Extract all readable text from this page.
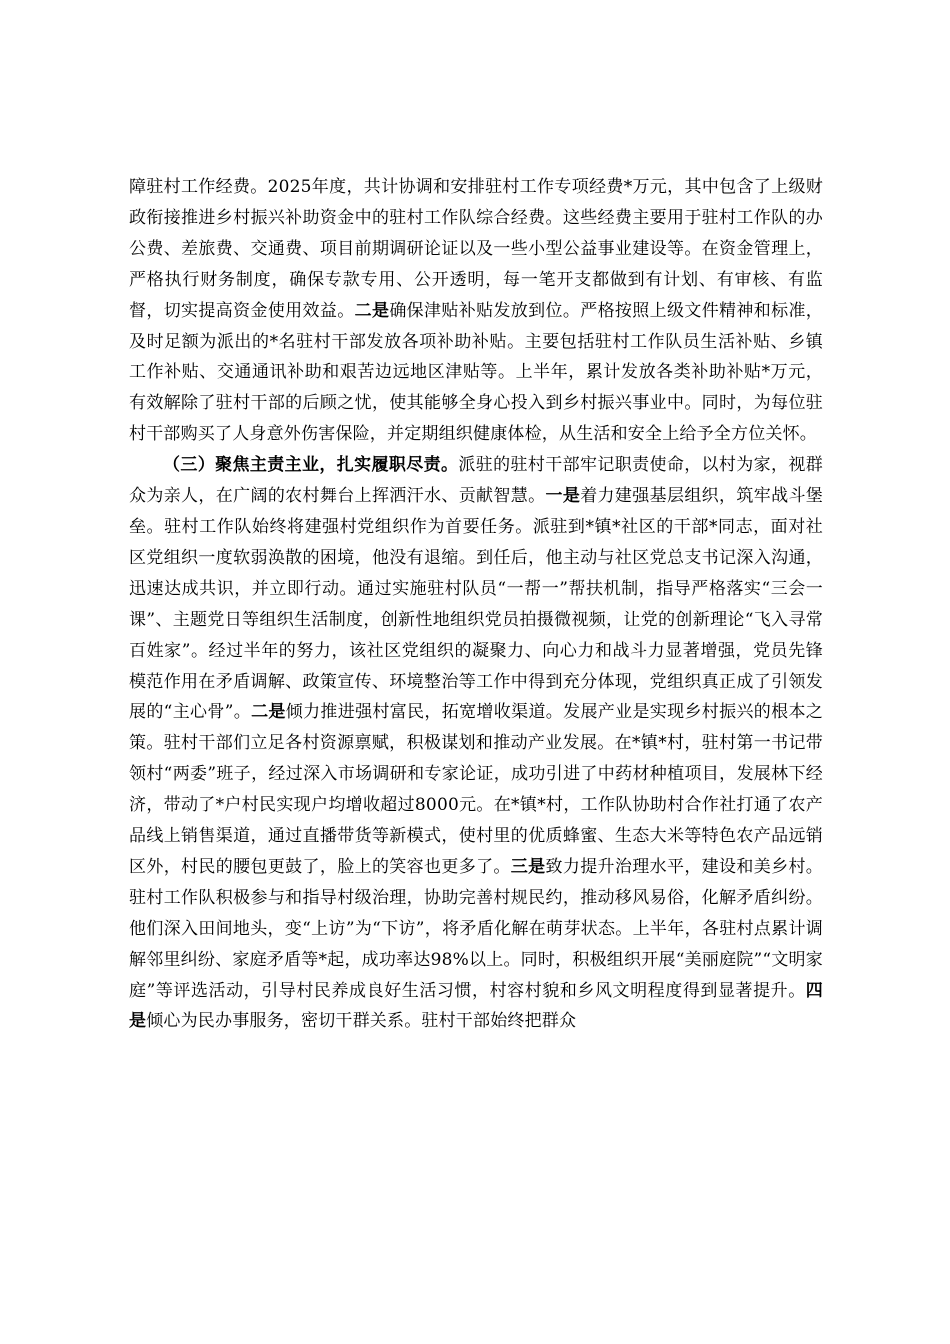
障驻村工作经费。2025年度，共计协调和安排驻村工作专项经费*万元，其中包含了上级财政衔接推进乡村振兴补助资金中的驻村工作队综合经费。这些经费主要用于驻村工作队的办公费、差旅费、交通费、项目前期调研论证以及一些小型公益事业建设等。在资金管理上，严格执行财务制度，确保专款专用、公开透明，每一笔开支都做到有计划、有审核、有监督，切实提高资金使用效益。二是确保津贴补贴发放到位。严格按照上级文件精神和标准，及时足额为派出的*名驻村干部发放各项补助补贴。主要包括驻村工作队员生活补贴、乡镇工作补贴、交通通讯补助和艰苦边远地区津贴等。上半年，累计发放各类补助补贴*万元，有效解除了驻村干部的后顾之忧，使其能够全身心投入到乡村振兴事业中。同时，为每位驻村干部购买了人身意外伤害保险，并定期组织健康体检，从生活和安全上给予全方位关怀。

（三）聚焦主责主业，扎实履职尽责。派驻的驻村干部牢记职责使命，以村为家，视群众为亲人，在广阔的农村舞台上挥洒汗水、贡献智慧。一是着力建强基层组织，筑牢战斗堡垒。驻村工作队始终将建强村党组织作为首要任务。派驻到*镇*社区的干部*同志，面对社区党组织一度软弱涣散的困境，他没有退缩。到任后，他主动与社区党总支书记深入沟通，迅速达成共识，并立即行动。通过实施驻村队员“一帮一”帮扶机制，指导严格落实“三会一课”、主题党日等组织生活制度，创新性地组织党员拍摄微视频，让党的创新理论“飞入寻常百姓家”。经过半年的努力，该社区党组织的凝聚力、向心力和战斗力显著增强，党员先锋模范作用在矛盾调解、政策宣传、环境整治等工作中得到充分体现，党组织真正成了引领发展的“主心骨”。二是倾力推进强村富民，拓宽增收渠道。发展产业是实现乡村振兴的根本之策。驻村干部们立足各村资源禀赋，积极谋划和推动产业发展。在*镇*村，驻村第一书记带领村“两委”班子，经过深入市场调研和专家论证，成功引进了中药材种植项目，发展林下经济，带动了*户村民实现户均增收超过8000元。在*镇*村，工作队协助村合作社打通了农产品线上销售渠道，通过直播带货等新模式，使村里的优质蜂蜜、生态大米等特色农产品远销区外，村民的腰包更鼓了，脸上的笑容也更多了。三是致力提升治理水平，建设和美乡村。驻村工作队积极参与和指导村级治理，协助完善村规民约，推动移风易俗，化解矛盾纠纷。他们深入田间地头，变“上访”为“下访”，将矛盾化解在萌芽状态。上半年，各驻村点累计调解邻里纠纷、家庭矛盾等*起，成功率达98%以上。同时，积极组织开展“美丽庭院”“文明家庭”等评选活动，引导村民养成良好生活习惯，村容村貌和乡风文明程度得到显著提升。四是倾心为民办事服务，密切干群关系。驻村干部始终把群众
